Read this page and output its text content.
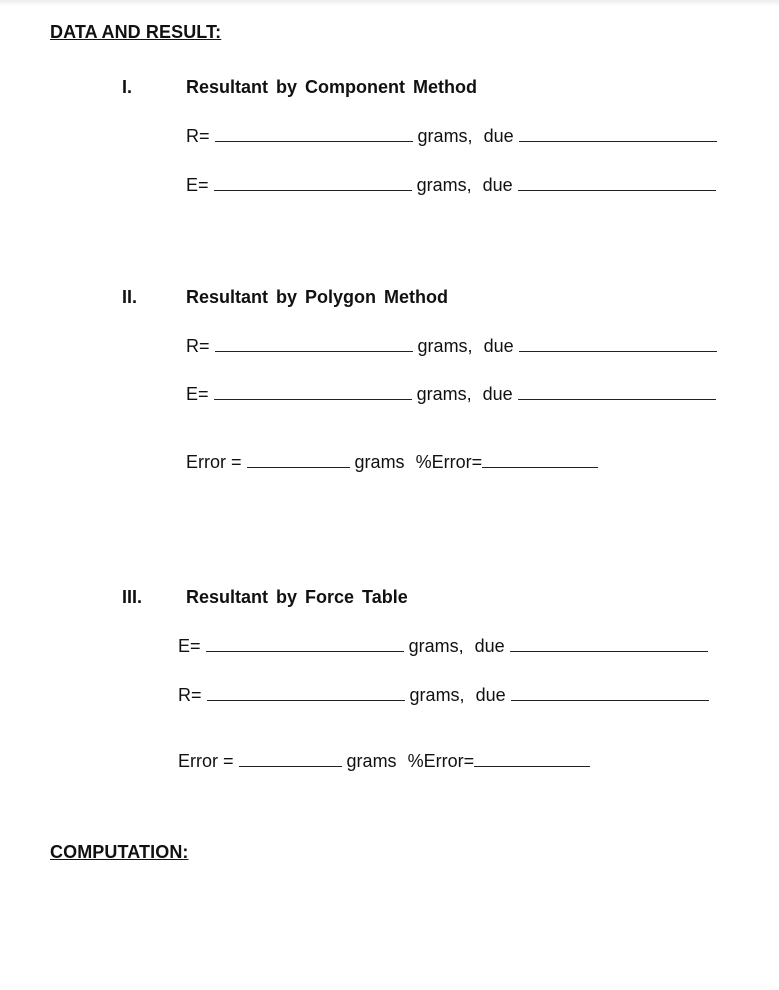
DATA AND RESULT:
I.	Resultant by Component Method
R=	grams, due
E=	grams, due
II.	Resultant by Polygon Method
R=	grams, due
E=	grams, due
Error =	grams %Error=
III. Resultant by Force Table
E=	grams, due
R=	grams, due
Error =	grams %Error=
COMPUTATION:
